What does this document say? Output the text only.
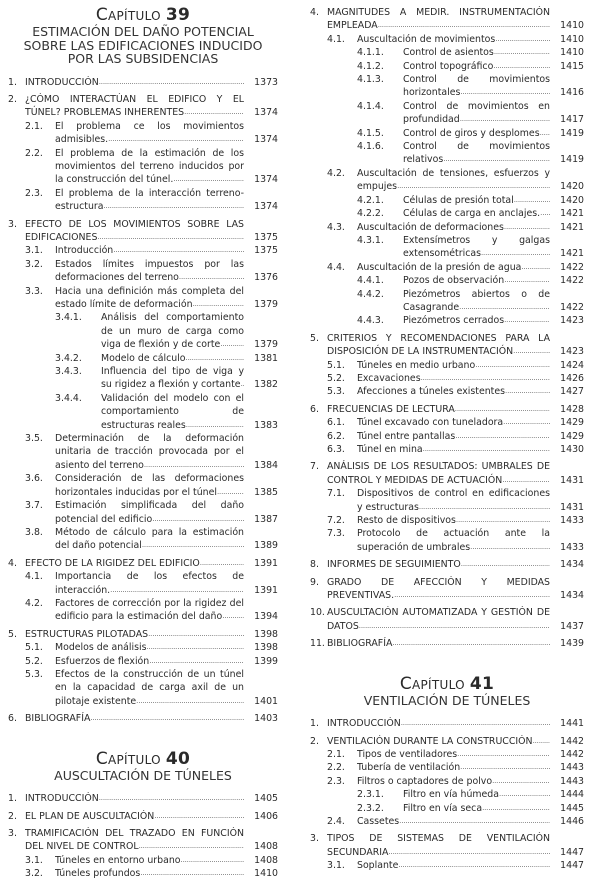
Capítulo 39
ESTIMACIÓN DEL DAÑO POTENCIAL
SOBRE LAS EDIFICACIONES INDUCIDO
POR LAS SUBSIDENCIAS
1. INTRODUCCIÓN . . .	1373
2. ¿CÓMO INTERACTÚAN EL EDIFICO Y EL TÚNEL? PROBLEMAS INHERENTES . . .	1374
2.1.	El problema ce los movimientos admisibles. . . .	1374
2.2.	El problema de la estimación de los movimientos del terreno inducidos por la construcción del túnel. . . .	1374
2.3.	El problema de la interacción terreno-estructura . . .	1374
3. EFECTO DE LOS MOVIMIENTOS SOBRE LAS EDIFICACIONES . . .	1375
3.1.	Introducción . . .	1375
3.2.	Estados límites impuestos por las deformaciones del terreno . . .	1376
3.3.	Hacia una definición más completa del estado límite de deformación . . .	1379
3.4.1.	Análisis del comportamiento de un muro de carga como viga de flexión y de corte . . .	1379
3.4.2.	Modelo de cálculo . . .	1381
3.4.3.	Influencia del tipo de viga y su rigidez a flexión y cortante . . .	1382
3.4.4.	Validación del modelo con el comportamiento de estructuras reales . . .	1383
3.5.	Determinación de la deformación unitaria de tracción provocada por el asiento del terreno . . .	1384
3.6.	Consideración de las deformaciones horizontales inducidas por el túnel . . .	1385
3.7.	Estimación simplificada del daño potencial del edificio . . .	1387
3.8.	Método de cálculo para la estimación del daño potencial . . .	1389
4. EFECTO DE LA RIGIDEZ DEL EDIFICIO . . .	1391
4.1.	Importancia de los efectos de interacción. . . .	1391
4.2.	Factores de corrección por la rigidez del edificio para la estimación del daño . . .	1394
5. ESTRUCTURAS PILOTADAS . . .	1398
5.1.	Modelos de análisis . . .	1398
5.2.	Esfuerzos de flexión . . .	1399
5.3.	Efectos de la construcción de un túnel en la capacidad de carga axil de un pilotaje existente . . .	1401
6. BIBLIOGRAFÍA . . .	1403
Capítulo 40
AUSCULTACIÓN DE TÚNELES
1. INTRODUCCIÓN . . .	1405
2. EL PLAN DE AUSCULTACIÓN . . .	1406
3. TRAMIFICACIÓN DEL TRAZADO EN FUNCIÓN DEL NIVEL DE CONTROL . . .	1408
3.1.	Túneles en entorno urbano . . .	1408
3.2.	Túneles profundos . . .	1410
4. MAGNITUDES A MEDIR. INSTRUMENTACIÓN EMPLEADA . . .	1410
4.1.	Auscultación de movimientos . . .	1410
4.1.1.	Control de asientos . . .	1410
4.1.2.	Control topográfico . . .	1415
4.1.3.	Control de movimientos horizontales . . .	1416
4.1.4.	Control de movimientos en profundidad . . .	1417
4.1.5.	Control de giros y desplomes . . .	1419
4.1.6.	Control de movimientos relativos . . .	1419
4.2.	Auscultación de tensiones, esfuerzos y empujes . . .	1420
4.2.1.	Células de presión total . . .	1420
4.2.2.	Células de carga en anclajes. . . .	1421
4.3.	Auscultación de deformaciones . . .	1421
4.3.1.	Extensímetros y galgas extensométricas . . .	1421
4.4.	Auscultación de la presión de agua . . .	1422
4.4.1.	Pozos de observación . . .	1422
4.4.2.	Piezómetros abiertos o de Casagrande . . .	1422
4.4.3.	Piezómetros cerrados . . .	1423
5. CRITERIOS Y RECOMENDACIONES PARA LA DISPOSICIÓN DE LA INSTRUMENTACIÓN . . .	1423
5.1.	Túneles en medio urbano . . .	1424
5.2.	Excavaciones . . .	1426
5.3.	Afecciones a túneles existentes . . .	1427
6. FRECUENCIAS DE LECTURA . . .	1428
6.1.	Túnel excavado con tuneladora . . .	1429
6.2.	Túnel entre pantallas . . .	1429
6.3.	Túnel en mina . . .	1430
7. ANÁLISIS DE LOS RESULTADOS: UMBRALES DE CONTROL Y MEDIDAS DE ACTUACIÓN . . .	1431
7.1.	Dispositivos de control en edificaciones y estructuras . . .	1431
7.2.	Resto de dispositivos . . .	1433
7.3.	Protocolo de actuación ante la superación de umbrales . . .	1433
8. INFORMES DE SEGUIMIENTO . . .	1434
9. GRADO DE AFECCIÓN Y MEDIDAS PREVENTIVAS. . . .	1434
10. AUSCULTACIÓN AUTOMATIZADA Y GESTIÓN DE DATOS . . .	1437
11. BIBLIOGRAFÍA . . .	1439
Capítulo 41
VENTILACIÓN DE TÚNELES
1. INTRODUCCIÓN . . .	1441
2. VENTILACIÓN DURANTE LA CONSTRUCCIÓN . . .	1442
2.1.	Tipos de ventiladores . . .	1442
2.2.	Tubería de ventilación . . .	1443
2.3.	Filtros o captadores de polvo . . .	1443
2.3.1.	Filtro en vía húmeda . . .	1444
2.3.2.	Filtro en vía seca . . .	1445
2.4.	Cassetes . . .	1446
3. TIPOS DE SISTEMAS DE VENTILACIÓN SECUNDARIA . . .	1447
3.1.	Soplante . . .	1447
